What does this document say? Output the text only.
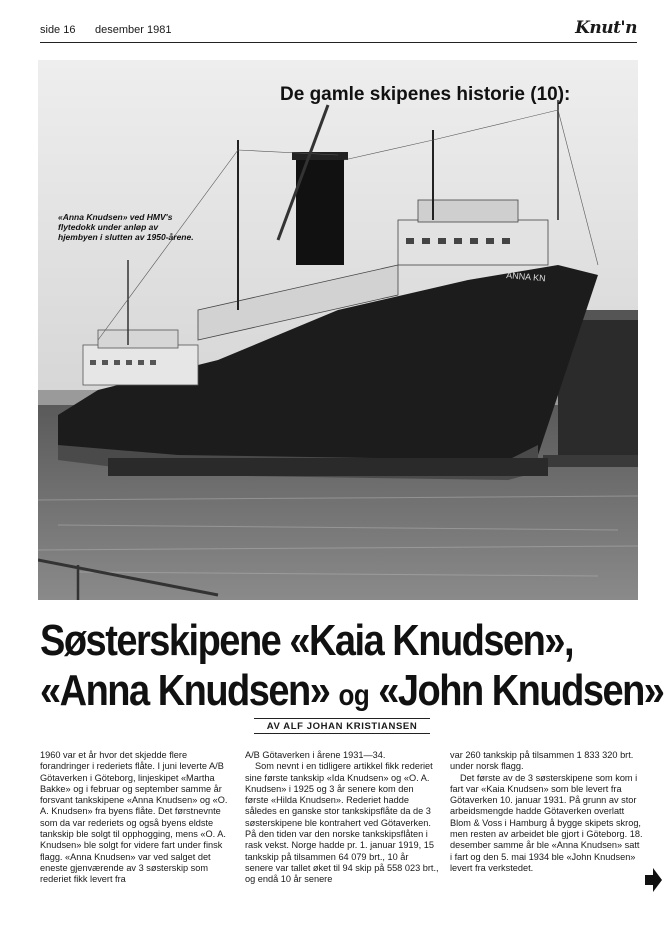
side 16 desember 1981	Knut'n
ANNA KN
«Anna Knudsen» ved HMV's flytedokk under anløp av hjembyen i slutten av 1950-årene.
De gamle skipenes historie (10):
Søsterskipene «Kaia Knudsen»,
«Anna Knudsen» og «John Knudsen»
AV ALF JOHAN KRISTIANSEN

1960 var et år hvor det skjedde flere forandringer i rederiets flåte. I juni leverte A/B Götaverken i Göteborg, linjeskipet «Martha Bakke» og i februar og september samme år forsvant tankskipene «Anna Knudsen» og «O. A. Knudsen» fra byens flåte. Det førstnevnte som da var rederiets og også byens eldste tankskip ble solgt til opphogging, mens «O. A. Knudsen» ble solgt for videre fart under finsk flagg. «Anna Knudsen» var ved salget det eneste gjenværende av 3 søsterskip som rederiet fikk levert fra

A/B Götaverken i årene 1931—34.

Som nevnt i en tidligere artikkel fikk rederiet sine første tankskip «Ida Knudsen» og «O. A. Knudsen» i 1925 og 3 år senere kom den første «Hilda Knudsen». Rederiet hadde således en ganske stor tankskipsflåte da de 3 søsterskipene ble kontrahert ved Götaverken. På den tiden var den norske tankskipsflåten i rask vekst. Norge hadde pr. 1. januar 1919, 15 tankskip på tilsammen 64 079 brt., 10 år senere var tallet øket til 94 skip på 558 023 brt., og endå 10 år senere

var 260 tankskip på tilsammen 1 833 320 brt. under norsk flagg.

Det første av de 3 søsterskipene som kom i fart var «Kaia Knudsen» som ble levert fra Götaverken 10. januar 1931. På grunn av stor arbeidsmengde hadde Götaverken overlatt Blom & Voss i Hamburg å bygge skipets skrog, men resten av arbeidet ble gjort i Göteborg. 18. desember samme år ble «Anna Knudsen» satt i fart og den 5. mai 1934 ble «John Knudsen» levert fra verkstedet.
